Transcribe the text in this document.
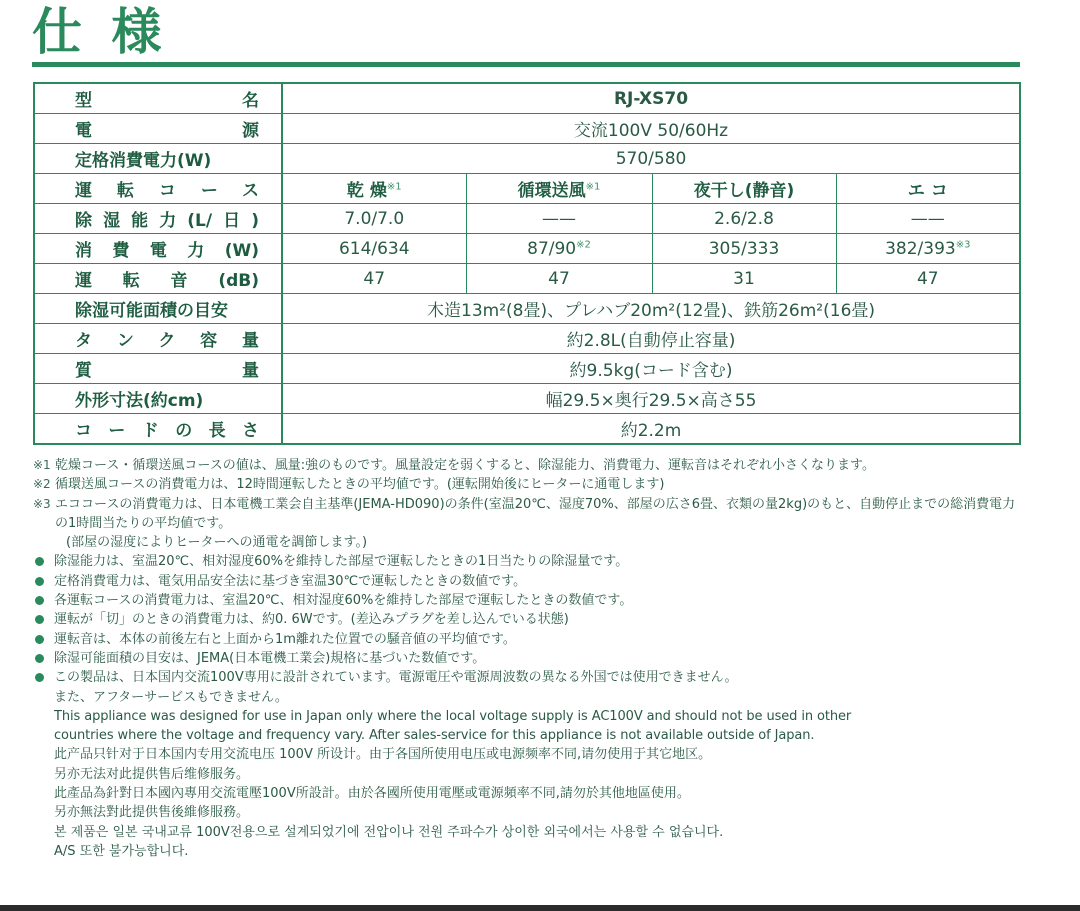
仕 様
型 名	RJ-XS70			
電 源	交流100V 50/60Hz			
定格消費電力(W)	570/580			
運転コース	乾 燥$^{※1}$	循環送風$^{※1}$	夜干し(静音)	エ コ
除湿能力(L/日)	7.0/7.0	——	2.6/2.8	——
消費電力(W)	614/634	87/90$^{※2}$	305/333	382/393$^{※3}$
運転音(dB)	47	47	31	47
除湿可能面積の目安	木造13m²(8畳)、プレハブ20m²(12畳)、鉄筋26m²(16畳)			
タンク容量	約2.8L(自動停止容量)			
質 量	約9.5kg(コード含む)			
外形寸法(約cm)	幅29.5×奥行29.5×高さ55			
コードの長さ	約2.2m			
※1 乾燥コース・循環送風コースの値は、風量:強のものです。風量設定を弱くすると、除湿能力、消費電力、運転音はそれぞれ小さくなります。
※2 循環送風コースの消費電力は、12時間運転したときの平均値です。(運転開始後にヒーターに通電します)
※3 エココースの消費電力は、日本電機工業会自主基準(JEMA-HD090)の条件(室温20℃、湿度70%、部屋の広さ6畳、衣類の量2kg)のもと、自動停止までの総消費電力の1時間当たりの平均値です。
(部屋の湿度によりヒーターへの通電を調節します。)
除湿能力は、室温20℃、相対湿度60%を維持した部屋で運転したときの1日当たりの除湿量です。
定格消費電力は、電気用品安全法に基づき室温30℃で運転したときの数値です。
各運転コースの消費電力は、室温20℃、相対湿度60%を維持した部屋で運転したときの数値です。
運転が「切」のときの消費電力は、約0. 6Wです。(差込みプラグを差し込んでいる状態)
運転音は、本体の前後左右と上面から1m離れた位置での騒音値の平均値です。
除湿可能面積の目安は、JEMA(日本電機工業会)規格に基づいた数値です。
この製品は、日本国内交流100V専用に設計されています。電源電圧や電源周波数の異なる外国では使用できません。
また、アフターサービスもできません。
This appliance was designed for use in Japan only where the local voltage supply is AC100V and should not be used in other
countries where the voltage and frequency vary. After sales-service for this appliance is not available outside of Japan.
此产品只针对于日本国内专用交流电压 100V 所设计。由于各国所使用电压或电源频率不同,请勿使用于其它地区。
另亦无法对此提供售后维修服务。
此產品為針對日本國內專用交流電壓100V所設計。由於各國所使用電壓或電源頻率不同,請勿於其他地區使用。
另亦無法對此提供售後維修服務。
본 제품은 일본 국내교류 100V전용으로 설계되었기에 전압이나 전원 주파수가 상이한 외국에서는 사용할 수 없습니다.
A/S 또한 불가능합니다.
